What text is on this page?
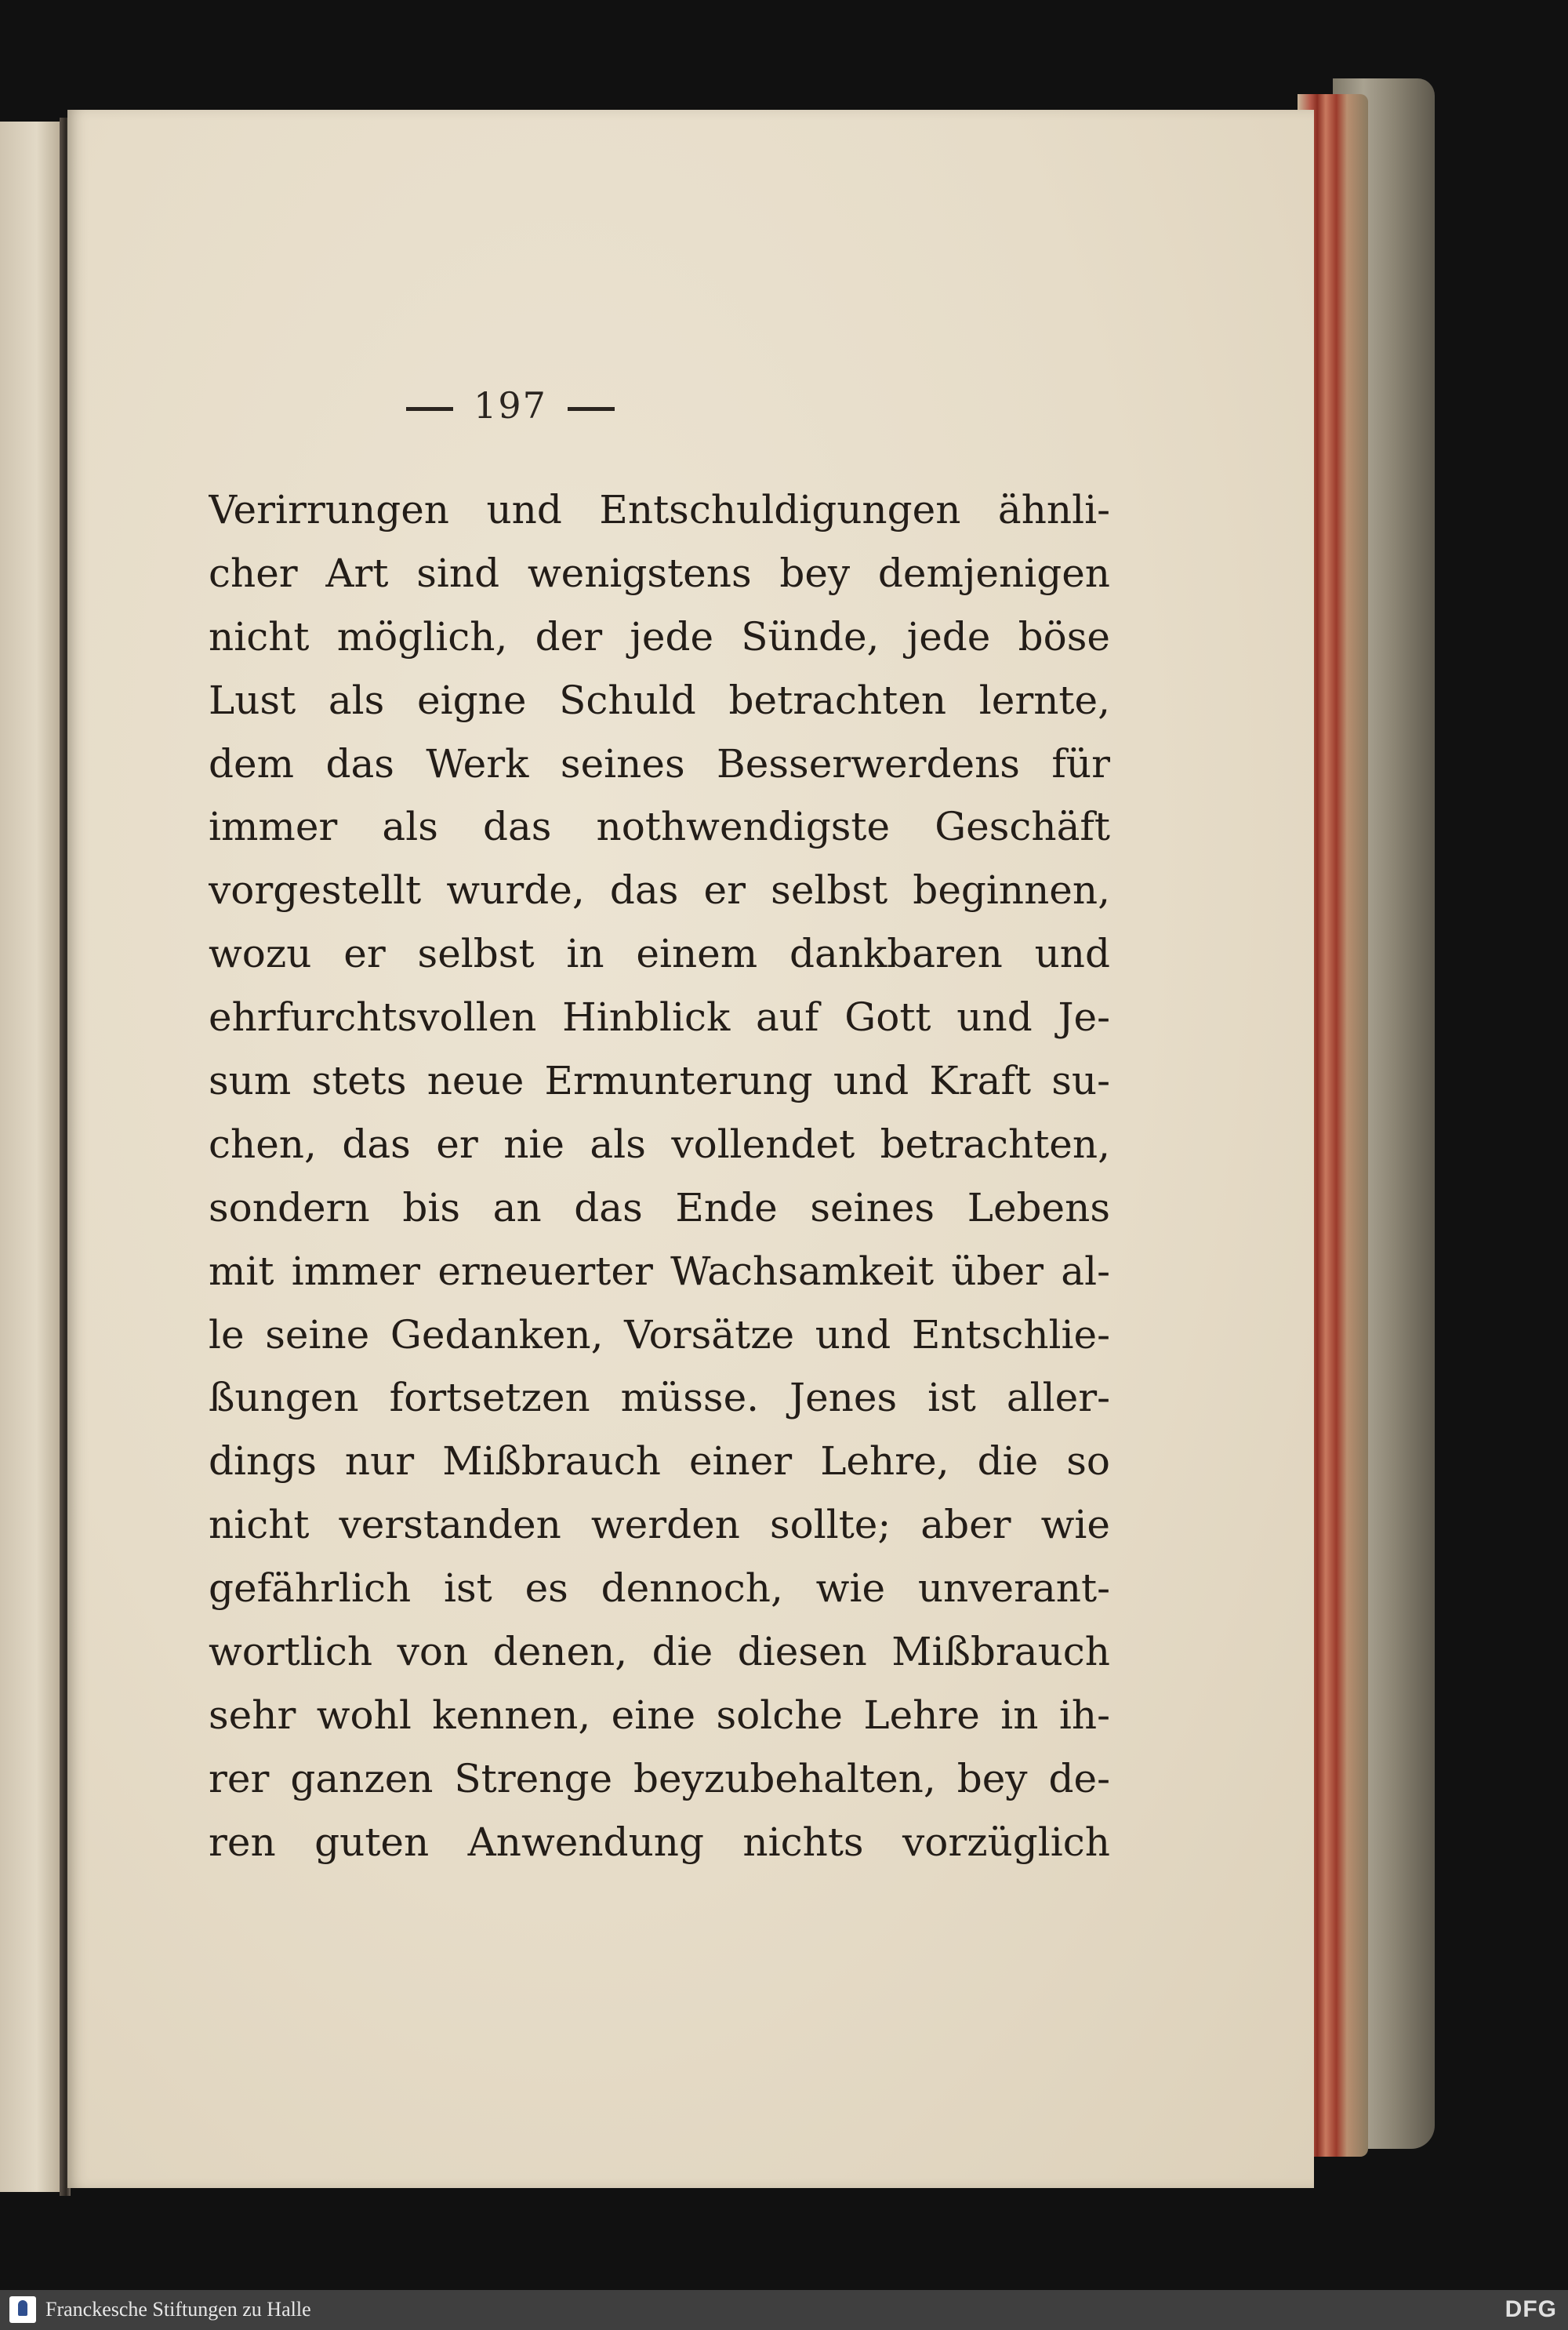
197
Verirrungen und Entschuldigungen ähnli-
cher Art sind wenigstens bey demjenigen
nicht möglich, der jede Sünde, jede böse
Lust als eigne Schuld betrachten lernte,
dem das Werk seines Besserwerdens für
immer als das nothwendigste Geschäft
vorgestellt wurde, das er selbst beginnen,
wozu er selbst in einem dankbaren und
ehrfurchtsvollen Hinblick auf Gott und Je-
sum stets neue Ermunterung und Kraft su-
chen, das er nie als vollendet betrachten,
sondern bis an das Ende seines Lebens
mit immer erneuerter Wachsamkeit über al-
le seine Gedanken, Vorsätze und Entschlie-
ßungen fortsetzen müsse. Jenes ist aller-
dings nur Mißbrauch einer Lehre, die so
nicht verstanden werden sollte; aber wie
gefährlich ist es dennoch, wie unverant-
wortlich von denen, die diesen Mißbrauch
sehr wohl kennen, eine solche Lehre in ih-
rer ganzen Strenge beyzubehalten, bey de-
ren guten Anwendung nichts vorzüglich
Franckesche Stiftungen zu Halle	DFG
